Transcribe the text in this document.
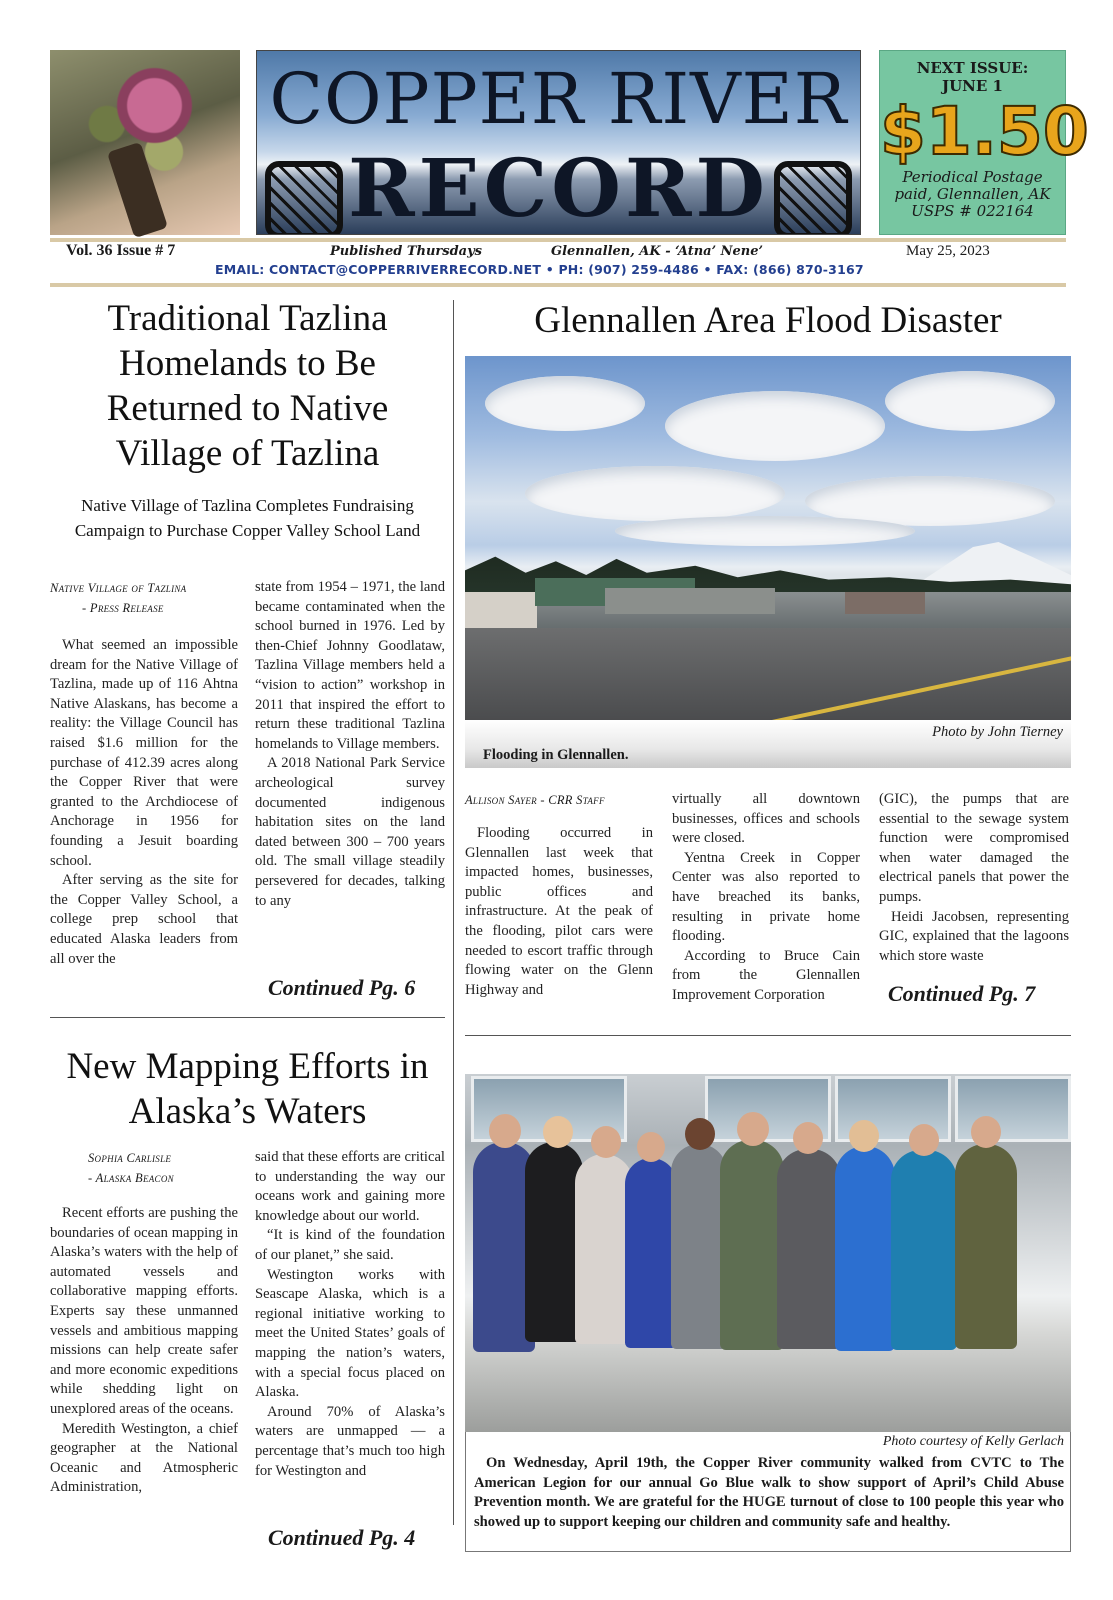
COPPER RIVER
RECORD
NEXT ISSUE:
JUNE 1
$1.50
Periodical Postage
paid, Glennallen, AK
USPS # 022164
Vol. 36 Issue # 7	Published Thursdays	Glennallen, AK - ‘Atna’ Nene’	May 25, 2023
EMAIL: CONTACT@COPPERRIVERRECORD.NET • PH: (907) 259-4486 • FAX: (866) 870-3167
Traditional Tazlina Homelands to Be Returned to Native Village of Tazlina
Native Village of Tazlina Completes Fundraising Campaign to Purchase Copper Valley School Land
Native Village of Tazlina
- Press Release

What seemed an impossible dream for the Native Village of Tazlina, made up of 116 Ahtna Native Alaskans, has become a reality: the Village Council has raised $1.6 million for the purchase of 412.39 acres along the Copper River that were granted to the Archdiocese of Anchorage in 1956 for founding a Jesuit boarding school.

After serving as the site for the Copper Valley School, a college prep school that educated Alaska leaders from all over the

state from 1954 – 1971, the land became contaminated when the school burned in 1976. Led by then-Chief Johnny Goodlataw, Tazlina Village members held a “vision to action” workshop in 2011 that inspired the effort to return these traditional Tazlina homelands to Village members.

A 2018 National Park Service archeological survey documented indigenous habitation sites on the land dated between 300 – 700 years old. The small village steadily persevered for decades, talking to any

Continued Pg. 6
New Mapping Efforts in Alaska’s Waters
Sophia Carlisle
- Alaska Beacon

Recent efforts are pushing the boundaries of ocean mapping in Alaska’s waters with the help of automated vessels and collaborative mapping efforts. Experts say these unmanned vessels and ambitious mapping missions can help create safer and more economic expeditions while shedding light on unexplored areas of the oceans.

Meredith Westington, a chief geographer at the National Oceanic and Atmospheric Administration,

said that these efforts are critical to understanding the way our oceans work and gaining more knowledge about our world.

“It is kind of the foundation of our planet,” she said.

Westington works with Seascape Alaska, which is a regional initiative working to meet the United States’ goals of mapping the nation’s waters, with a special focus placed on Alaska.

Around 70% of Alaska’s waters are unmapped — a percentage that’s much too high for Westington and

Continued Pg. 4
Glennallen Area Flood Disaster
Photo by John Tierney
Flooding in Glennallen.
Allison Sayer - CRR Staff

Flooding occurred in Glennallen last week that impacted homes, businesses, public offices and infrastructure. At the peak of the flooding, pilot cars were needed to escort traffic through flowing water on the Glenn Highway and

virtually all downtown businesses, offices and schools were closed.

Yentna Creek in Copper Center was also reported to have breached its banks, resulting in private home flooding.

According to Bruce Cain from the Glennallen Improvement Corporation

(GIC), the pumps that are essential to the sewage system function were compromised when water damaged the electrical panels that power the pumps.

Heidi Jacobsen, representing GIC, explained that the lagoons which store waste

Continued Pg. 7
Photo courtesy of Kelly Gerlach
On Wednesday, April 19th, the Copper River community walked from CVTC to The American Legion for our annual Go Blue walk to show support of April’s Child Abuse Prevention month. We are grateful for the HUGE turnout of close to 100 people this year who showed up to support keeping our children and community safe and healthy.
